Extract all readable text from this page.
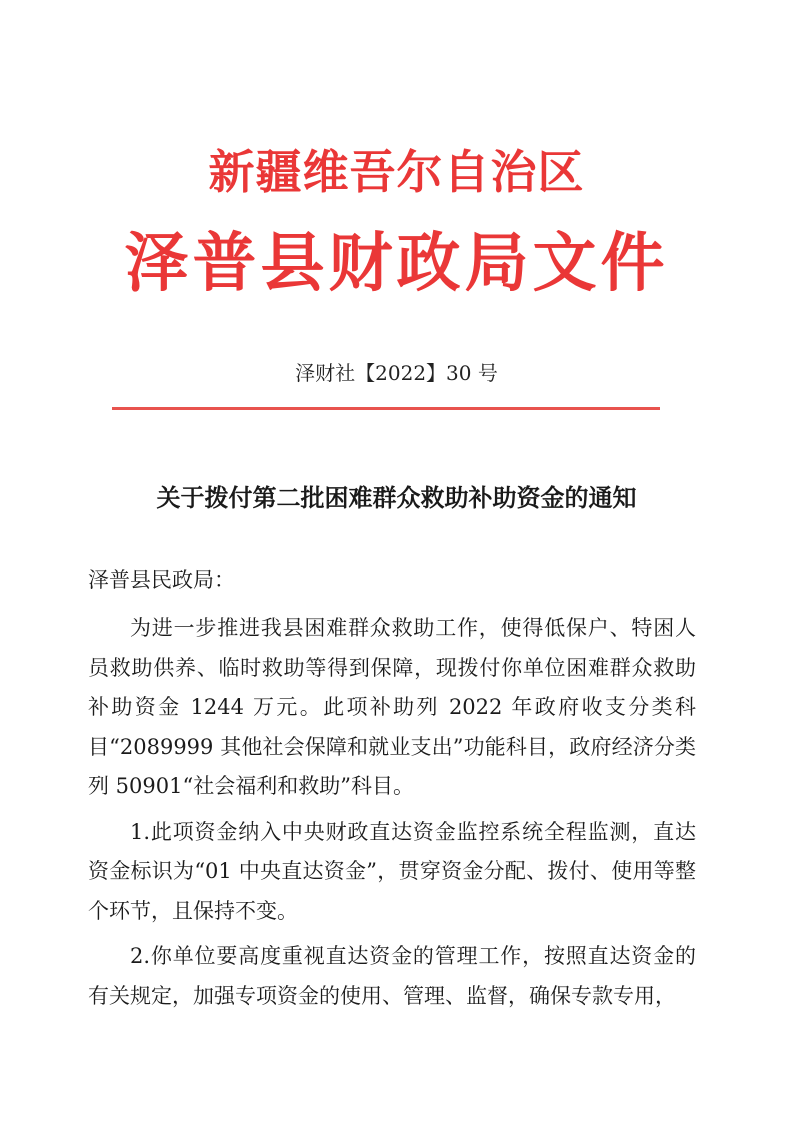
新疆维吾尔自治区
泽普县财政局文件
泽财社【2022】30 号
关于拨付第二批困难群众救助补助资金的通知
泽普县民政局：

为进一步推进我县困难群众救助工作，使得低保户、特困人员救助供养、临时救助等得到保障，现拨付你单位困难群众救助补助资金 1244 万元。此项补助列 2022 年政府收支分类科目“2089999 其他社会保障和就业支出”功能科目，政府经济分类列 50901“社会福利和救助”科目。

1.此项资金纳入中央财政直达资金监控系统全程监测，直达资金标识为“01 中央直达资金”，贯穿资金分配、拨付、使用等整个环节，且保持不变。

2.你单位要高度重视直达资金的管理工作，按照直达资金的有关规定，加强专项资金的使用、管理、监督，确保专款专用，
